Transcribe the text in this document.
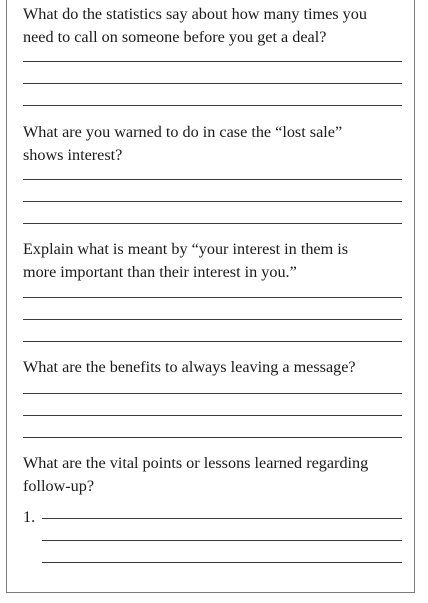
What do the statistics say about how many times you
need to call on someone before you get a deal?

What are you warned to do in case the “lost sale”
shows interest?

Explain what is meant by “your interest in them is
more important than their interest in you.”

What are the benefits to always leaving a message?

What are the vital points or lessons learned regarding
follow-up?

1.
